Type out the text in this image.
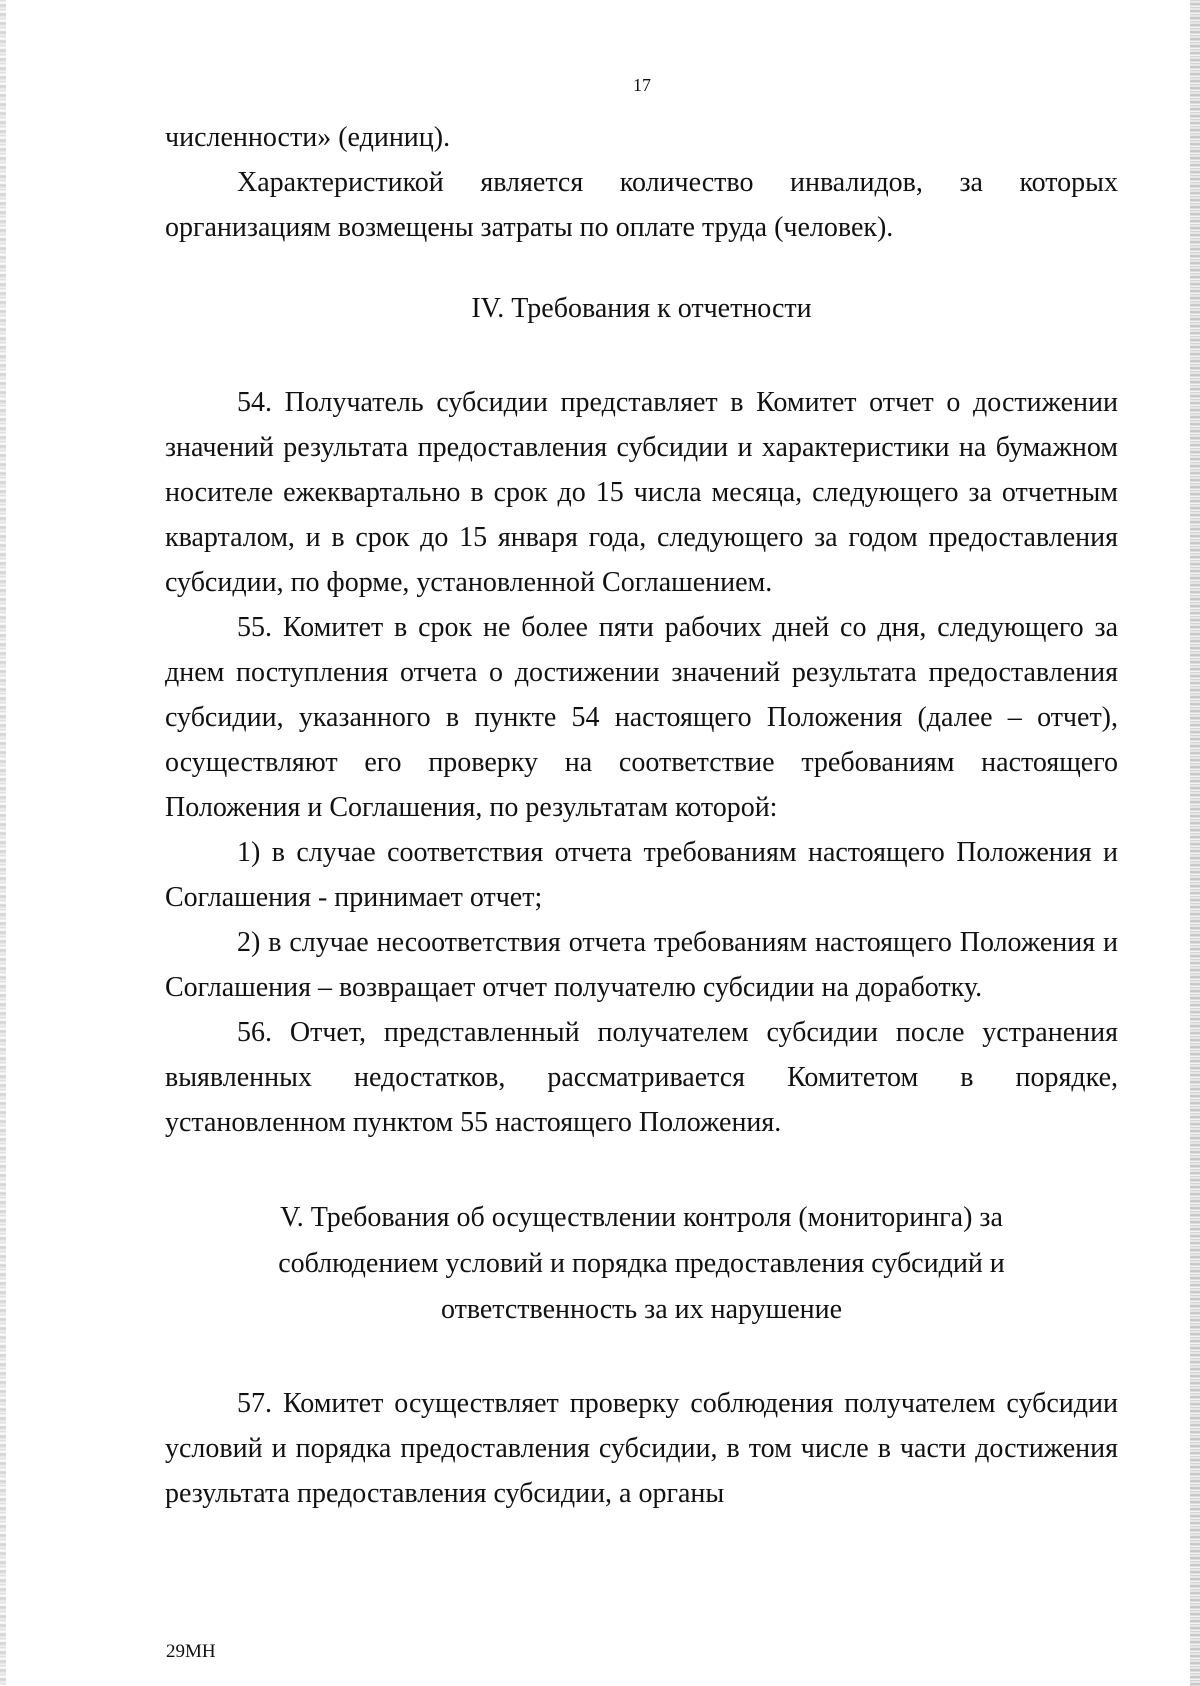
17

численности» (единиц).

Характеристикой является количество инвалидов, за которых организациям возмещены затраты по оплате труда (человек).

IV. Требования к отчетности

54. Получатель субсидии представляет в Комитет отчет о достижении значений результата предоставления субсидии и характеристики на бумажном носителе ежеквартально в срок до 15 числа месяца, следующего за отчетным кварталом, и в срок до 15 января года, следующего за годом предоставления субсидии, по форме, установленной Соглашением.

55. Комитет в срок не более пяти рабочих дней со дня, следующего за днем поступления отчета о достижении значений результата предоставления субсидии, указанного в пункте 54 настоящего Положения (далее – отчет), осуществляют его проверку на соответствие требованиям настоящего Положения и Соглашения, по результатам которой:

1) в случае соответствия отчета требованиям настоящего Положения и Соглашения - принимает отчет;

2) в случае несоответствия отчета требованиям настоящего Положения и Соглашения – возвращает отчет получателю субсидии на доработку.

56. Отчет, представленный получателем субсидии после устранения выявленных недостатков, рассматривается Комитетом в порядке, установленном пунктом 55 настоящего Положения.

V. Требования об осуществлении контроля (мониторинга) за соблюдением условий и порядка предоставления субсидий и ответственность за их нарушение

57. Комитет осуществляет проверку соблюдения получателем субсидии условий и порядка предоставления субсидии, в том числе в части достижения результата предоставления субсидии, а органы

29МН
